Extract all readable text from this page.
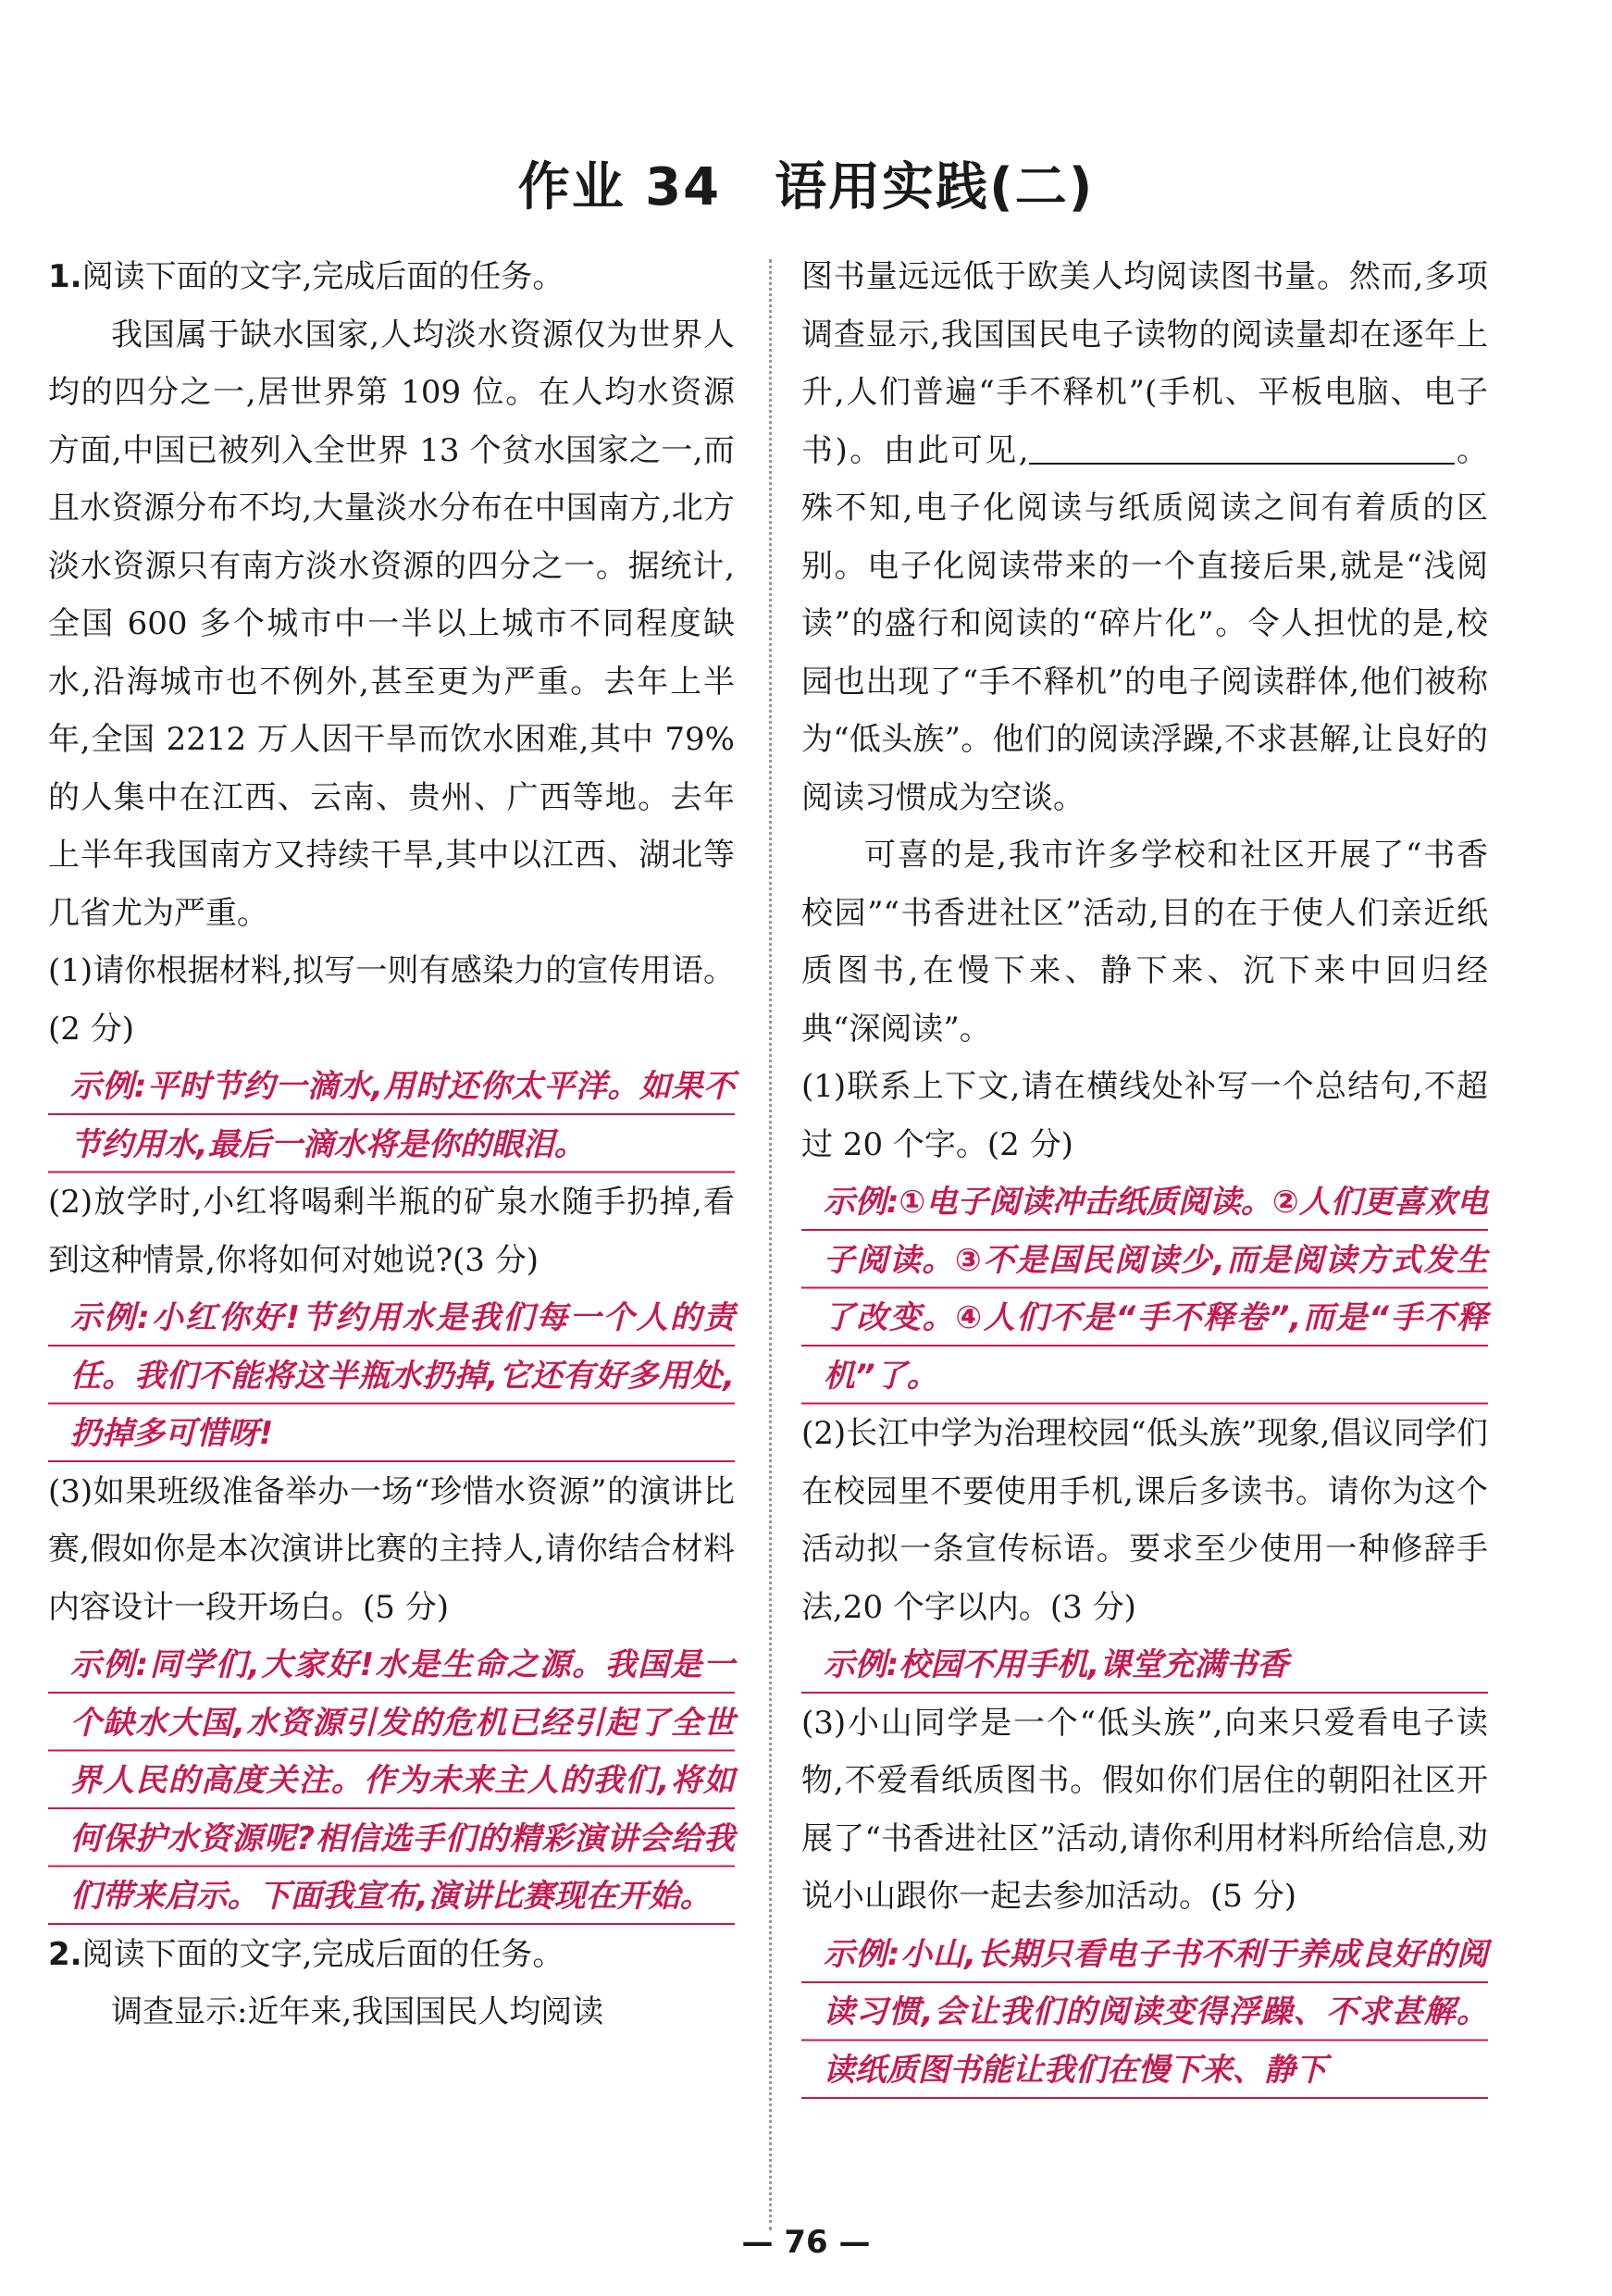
作业 34　语用实践(二)

1.阅读下面的文字,完成后面的任务。

我国属于缺水国家,人均淡水资源仅为世界人均的四分之一,居世界第 109 位。在人均水资源方面,中国已被列入全世界 13 个贫水国家之一,而且水资源分布不均,大量淡水分布在中国南方,北方淡水资源只有南方淡水资源的四分之一。据统计,全国 600 多个城市中一半以上城市不同程度缺水,沿海城市也不例外,甚至更为严重。去年上半年,全国 2212 万人因干旱而饮水困难,其中 79% 的人集中在江西、云南、贵州、广西等地。去年上半年我国南方又持续干旱,其中以江西、湖北等几省尤为严重。

(1)请你根据材料,拟写一则有感染力的宣传用语。(2 分)

示例:平时节约一滴水,用时还你太平洋。如果不节约用水,最后一滴水将是你的眼泪。

(2)放学时,小红将喝剩半瓶的矿泉水随手扔掉,看到这种情景,你将如何对她说?(3 分)

示例:小红你好!节约用水是我们每一个人的责任。我们不能将这半瓶水扔掉,它还有好多用处,扔掉多可惜呀!

(3)如果班级准备举办一场“珍惜水资源”的演讲比赛,假如你是本次演讲比赛的主持人,请你结合材料内容设计一段开场白。(5 分)

示例:同学们,大家好!水是生命之源。我国是一个缺水大国,水资源引发的危机已经引起了全世界人民的高度关注。作为未来主人的我们,将如何保护水资源呢?相信选手们的精彩演讲会给我们带来启示。下面我宣布,演讲比赛现在开始。

2.阅读下面的文字,完成后面的任务。

调查显示:近年来,我国国民人均阅读

图书量远远低于欧美人均阅读图书量。然而,多项调查显示,我国国民电子读物的阅读量却在逐年上升,人们普遍“手不释机”(手机、平板电脑、电子书)。由此可见,	。殊不知,电子化阅读与纸质阅读之间有着质的区别。电子化阅读带来的一个直接后果,就是“浅阅读”的盛行和阅读的“碎片化”。令人担忧的是,校园也出现了“手不释机”的电子阅读群体,他们被称为“低头族”。他们的阅读浮躁,不求甚解,让良好的阅读习惯成为空谈。

可喜的是,我市许多学校和社区开展了“书香校园”“书香进社区”活动,目的在于使人们亲近纸质图书,在慢下来、静下来、沉下来中回归经典“深阅读”。

(1)联系上下文,请在横线处补写一个总结句,不超过 20 个字。(2 分)

示例:①电子阅读冲击纸质阅读。②人们更喜欢电子阅读。③不是国民阅读少,而是阅读方式发生了改变。④人们不是“手不释卷”,而是“手不释机”了。

(2)长江中学为治理校园“低头族”现象,倡议同学们在校园里不要使用手机,课后多读书。请你为这个活动拟一条宣传标语。要求至少使用一种修辞手法,20 个字以内。(3 分)

示例:校园不用手机,课堂充满书香

(3)小山同学是一个“低头族”,向来只爱看电子读物,不爱看纸质图书。假如你们居住的朝阳社区开展了“书香进社区”活动,请你利用材料所给信息,劝说小山跟你一起去参加活动。(5 分)

示例:小山,长期只看电子书不利于养成良好的阅读习惯,会让我们的阅读变得浮躁、不求甚解。读纸质图书能让我们在慢下来、静下

— 76 —
